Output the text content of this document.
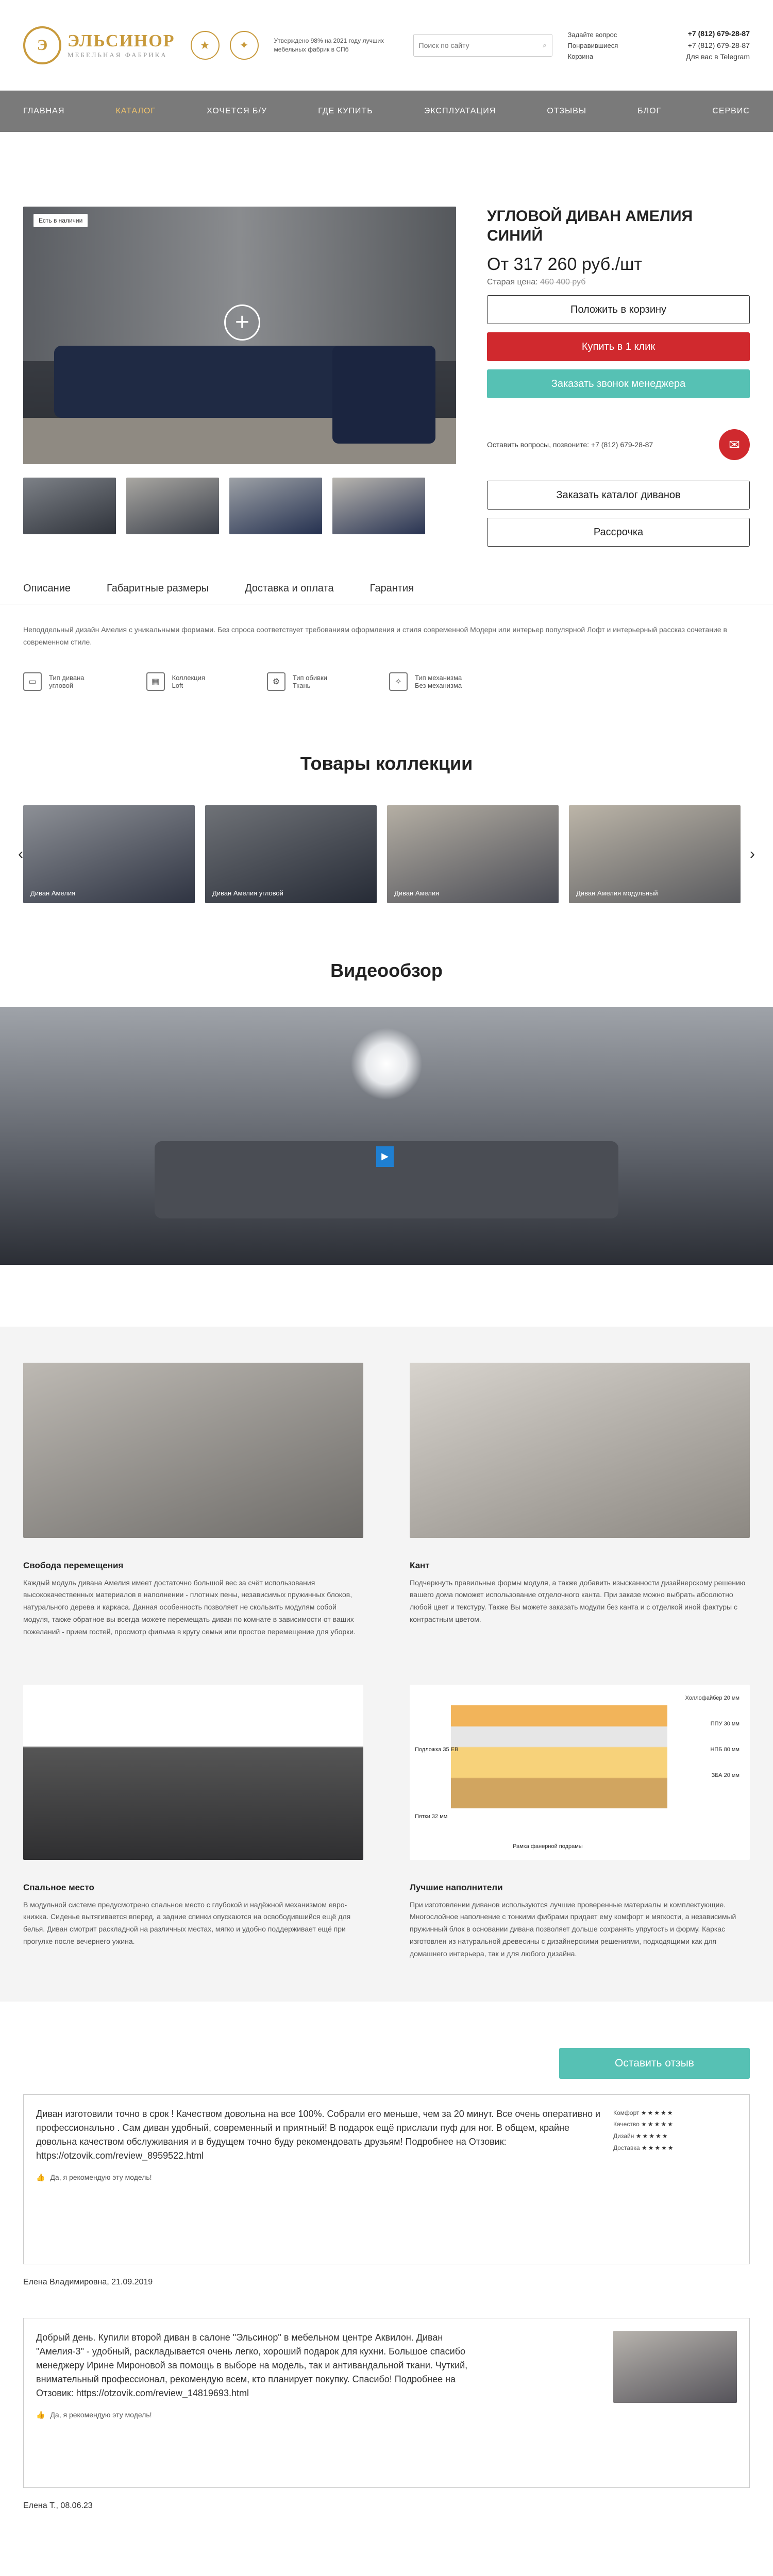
Э	ЭЛЬСИНОР
МЕБЕЛЬНАЯ ФАБРИКА
★	✦	Утверждено 98% на 2021 году лучших мебельных фабрик в СПб
Поиск по сайту
⌕
Задайте вопрос
Понравившиеся
Корзина
+7 (812) 679-28-87
+7 (812) 679-28-87
Для вас в Telegram
ГЛАВНАЯ	КАТАЛОГ	ХОЧЕТСЯ Б/У	ГДЕ КУПИТЬ	ЭКСПЛУАТАЦИЯ	ОТЗЫВЫ	БЛОГ	СЕРВИС
Есть в наличии
+
УГЛОВОЙ ДИВАН АМЕЛИЯ СИНИЙ
От 317 260 руб./шт
Старая цена: 460 400 руб
Положить в корзину
Купить в 1 клик
Заказать звонок менеджера
Оставить вопросы, позвоните: +7 (812) 679-28-87	✉
Заказать каталог диванов
Рассрочка
Описание	Габаритные размеры	Доставка и оплата	Гарантия

Неподдельный дизайн Амелия с уникальными формами. Без спроса соответствует требованиям оформления и стиля современной Модерн или интерьер популярной Лофт и интерьерный рассказ сочетание в современном стиле.

▭	Тип дивана
угловой	▦	Коллекция
Loft	⚙	Тип обивки
Ткань	✧	Тип механизма
Без механизма
Товары коллекции
‹
Диван Амелия	Диван Амелия угловой	Диван Амелия	Диван Амелия модульный
›
Видеообзор
▶
Свобода перемещения

Каждый модуль дивана Амелия имеет достаточно большой вес за счёт использования высококачественных материалов в наполнении - плотных пены, независимых пружинных блоков, натурального дерева и каркаса. Данная особенность позволяет не скользить модулям собой модуля, также обратное вы всегда можете перемещать диван по комнате в зависимости от ваших пожеланий - прием гостей, просмотр фильма в кругу семьи или простое перемещение для уборки.

Кант

Подчеркнуть правильные формы модуля, а также добавить изысканности дизайнерскому решению вашего дома поможет использование отделочного канта. При заказе можно выбрать абсолютно любой цвет и текстуру. Также Вы можете заказать модули без канта и с отделкой иной фактуры с контрастным цветом.

Спальное место

В модульной системе предусмотрено спальное место с глубокой и надёжной механизмом евро-книжка. Сиденье вытягивается вперед, а задние спинки опускаются на освободившийся ещё для белья. Диван смотрит раскладной на различных местах, мягко и удобно поддерживает ещё при прогулке после вечернего ужина.

Холлофайбер 20 мм
ППУ 30 мм
НПБ 80 мм
ЗБА 20 мм
Рамка фанерной подрамы
Подложка 35 ЕВ
Пятки 32 мм
Лучшие наполнители

При изготовлении диванов используются лучшие проверенные материалы и комплектующие. Многослойное наполнение с тонкими фибрами придает ему комфорт и мягкости, а независимый пружинный блок в основании дивана позволяет дольше сохранять упругость и форму. Каркас изготовлен из натуральной древесины с дизайнерскими решениями, подходящими как для домашнего интерьера, так и для любого дизайна.

Оставить отзыв
Диван изготовили точно в срок ! Качеством довольна на все 100%. Собрали его меньше, чем за 20 минут. Все очень оперативно и профессионально . Сам диван удобный, современный и приятный! В подарок ещё прислали пуф для ног. В общем, крайне довольна качеством обслуживания и в будущем точно буду рекомендовать друзьям! Подробнее на Отзовик: https://otzovik.com/review_8959522.html
👍 Да, я рекомендую эту модель!
Комфорт ★★★★★
Качество ★★★★★
Дизайн ★★★★★
Доставка ★★★★★
Елена Владимировна, 21.09.2019
Добрый день. Купили второй диван в салоне "Эльсинор" в мебельном центре Аквилон. Диван "Амелия-3" - удобный, раскладывается очень легко, хороший подарок для кухни. Большое спасибо менеджеру Ирине Мироновой за помощь в выборе на модель, так и антивандальной ткани. Чуткий, внимательный профессионал, рекомендую всем, кто планирует покупку. Спасибо! Подробнее на Отзовик: https://otzovik.com/review_14819693.html
👍 Да, я рекомендую эту модель!
Елена Т., 08.06.23
